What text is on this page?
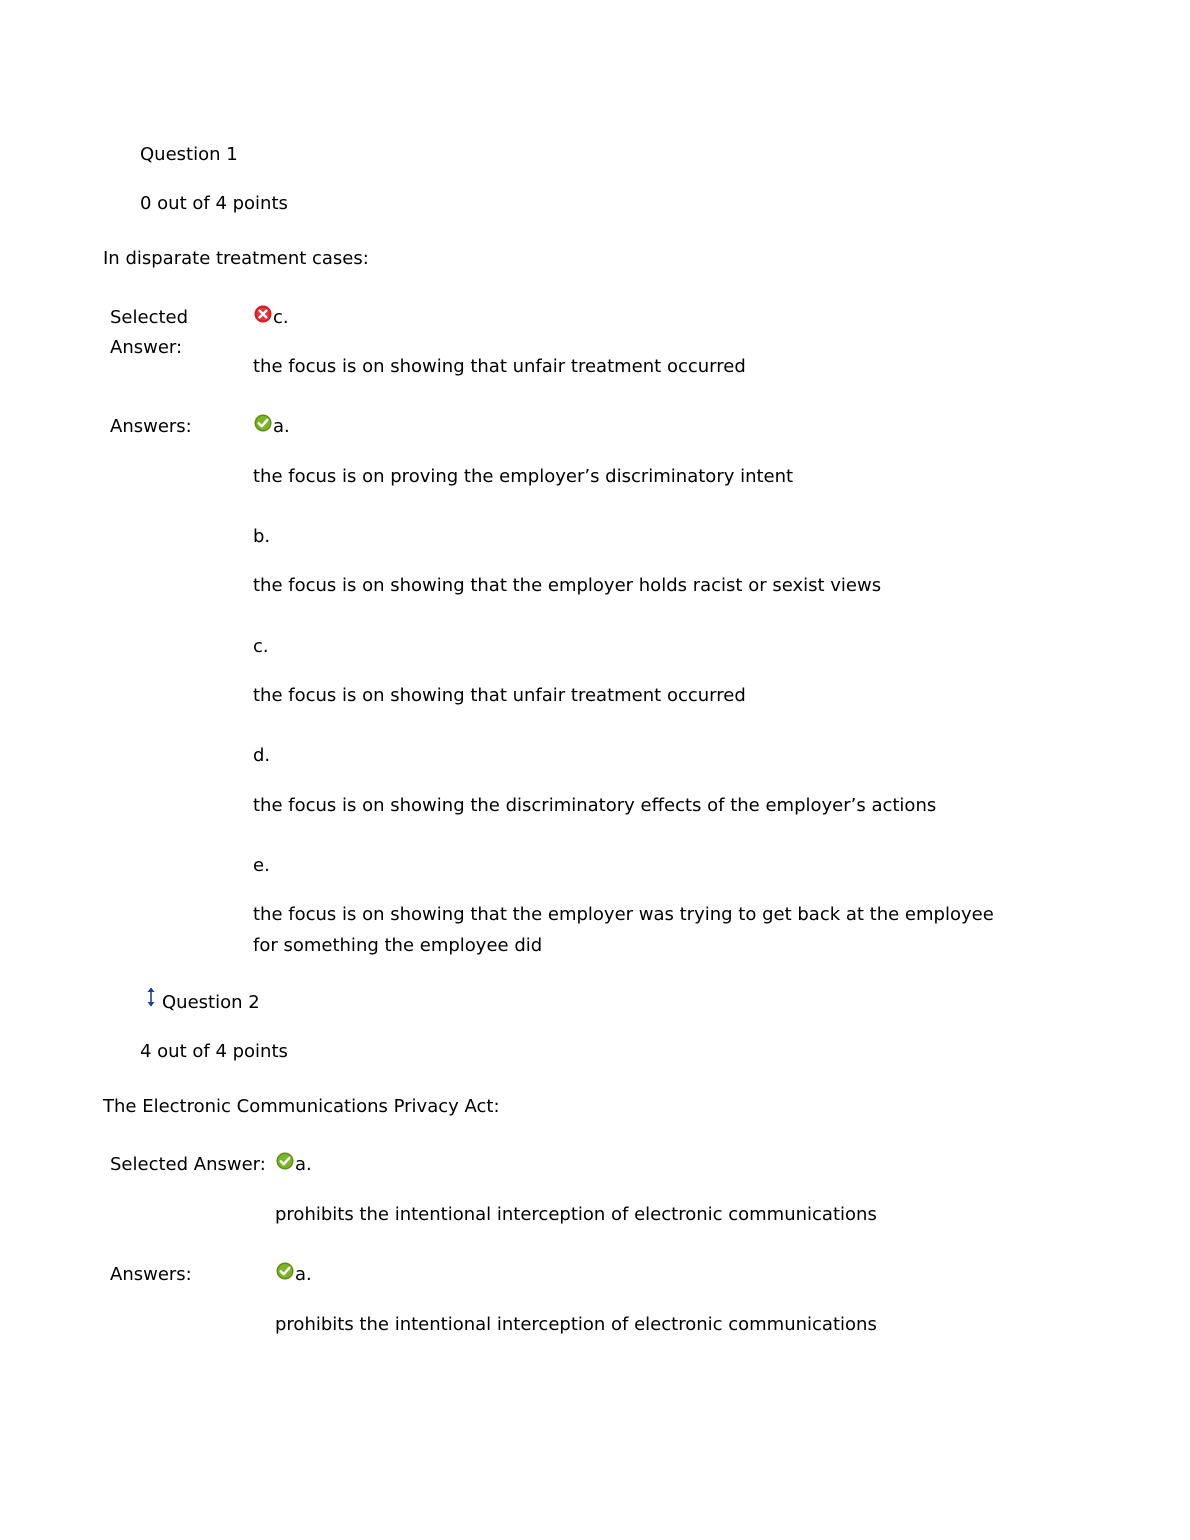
Question 1
0 out of 4 points
In disparate treatment cases:
Selected
Answer:
c.
the focus is on showing that unfair treatment occurred
Answers:	a.
the focus is on proving the employer’s discriminatory intent
b.
the focus is on showing that the employer holds racist or sexist views
c.
the focus is on showing that unfair treatment occurred
d.
the focus is on showing the discriminatory effects of the employer’s actions
e.
the focus is on showing that the employer was trying to get back at the employee
for something the employee did
Question 2
4 out of 4 points
The Electronic Communications Privacy Act:
Selected Answer: a.
prohibits the intentional interception of electronic communications
Answers:	a.
prohibits the intentional interception of electronic communications
